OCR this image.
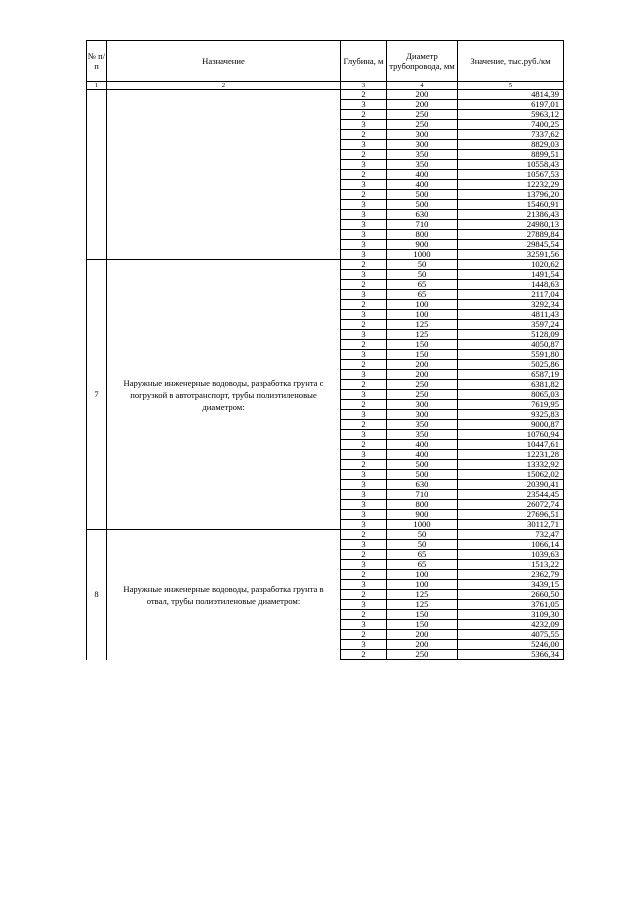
№ п/п	Назначение	Глубина, м	Диаметр трубопровода, мм	Значение, тыс.руб./км
1	2	3	4	5
		2	200	4814,39
		3	200	6197,01
		2	250	5963,12
		3	250	7400,25
		2	300	7337,62
		3	300	8829,03
		2	350	8899,51
		3	350	10558,43
		2	400	10567,53
		3	400	12232,29
		2	500	13796,20
		3	500	15460,91
		3	630	21386,43
		3	710	24980,13
		3	800	27889,84
		3	900	29845,54
		3	1000	32591,56
7	Наружные инженерные водоводы, разработка грунта с погрузкой в автотранспорт, трубы полиэтиленовые диаметром:	2	50	1020,62
		3	50	1491,54
		2	65	1448,63
		3	65	2117,04
		2	100	3292,34
		3	100	4811,43
		2	125	3597,24
		3	125	5128,09
		2	150	4050,87
		3	150	5591,80
		2	200	5025,86
		3	200	6587,19
		2	250	6381,82
		3	250	8065,03
		2	300	7619,95
		3	300	9325,83
		2	350	9000,87
		3	350	10760,94
		2	400	10447,61
		3	400	12231,28
		2	500	13332,92
		3	500	15062,02
		3	630	20390,41
		3	710	23544,45
		3	800	26072,74
		3	900	27696,51
		3	1000	30112,71
8	Наружные инженерные водоводы, разработка грунта в отвал, трубы полиэтиленовые диаметром:	2	50	732,47
		3	50	1066,14
		2	65	1039,63
		3	65	1513,22
		2	100	2362,79
		3	100	3439,15
		2	125	2660,50
		3	125	3761,05
		2	150	3109,30
		3	150	4232,09
		2	200	4075,55
		3	200	5246,00
		2	250	5366,34
